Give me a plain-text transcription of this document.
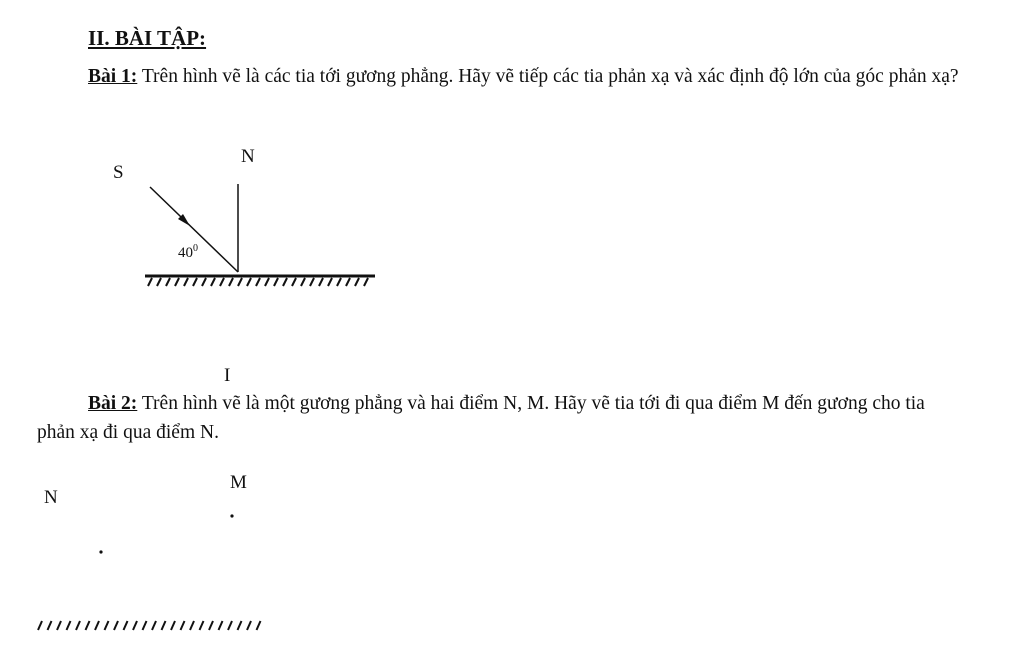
II. BÀI TẬP:
Bài 1: Trên hình vẽ là các tia tới gương phẳng. Hãy vẽ tiếp các tia phản xạ và xác định độ lớn của góc phản xạ?
S
N
$40^0$
I
Bài 2: Trên hình vẽ là một gương phẳng và hai điểm N, M. Hãy vẽ tia tới đi qua điểm M đến gương cho tia phản xạ đi qua điểm N.
N
M
